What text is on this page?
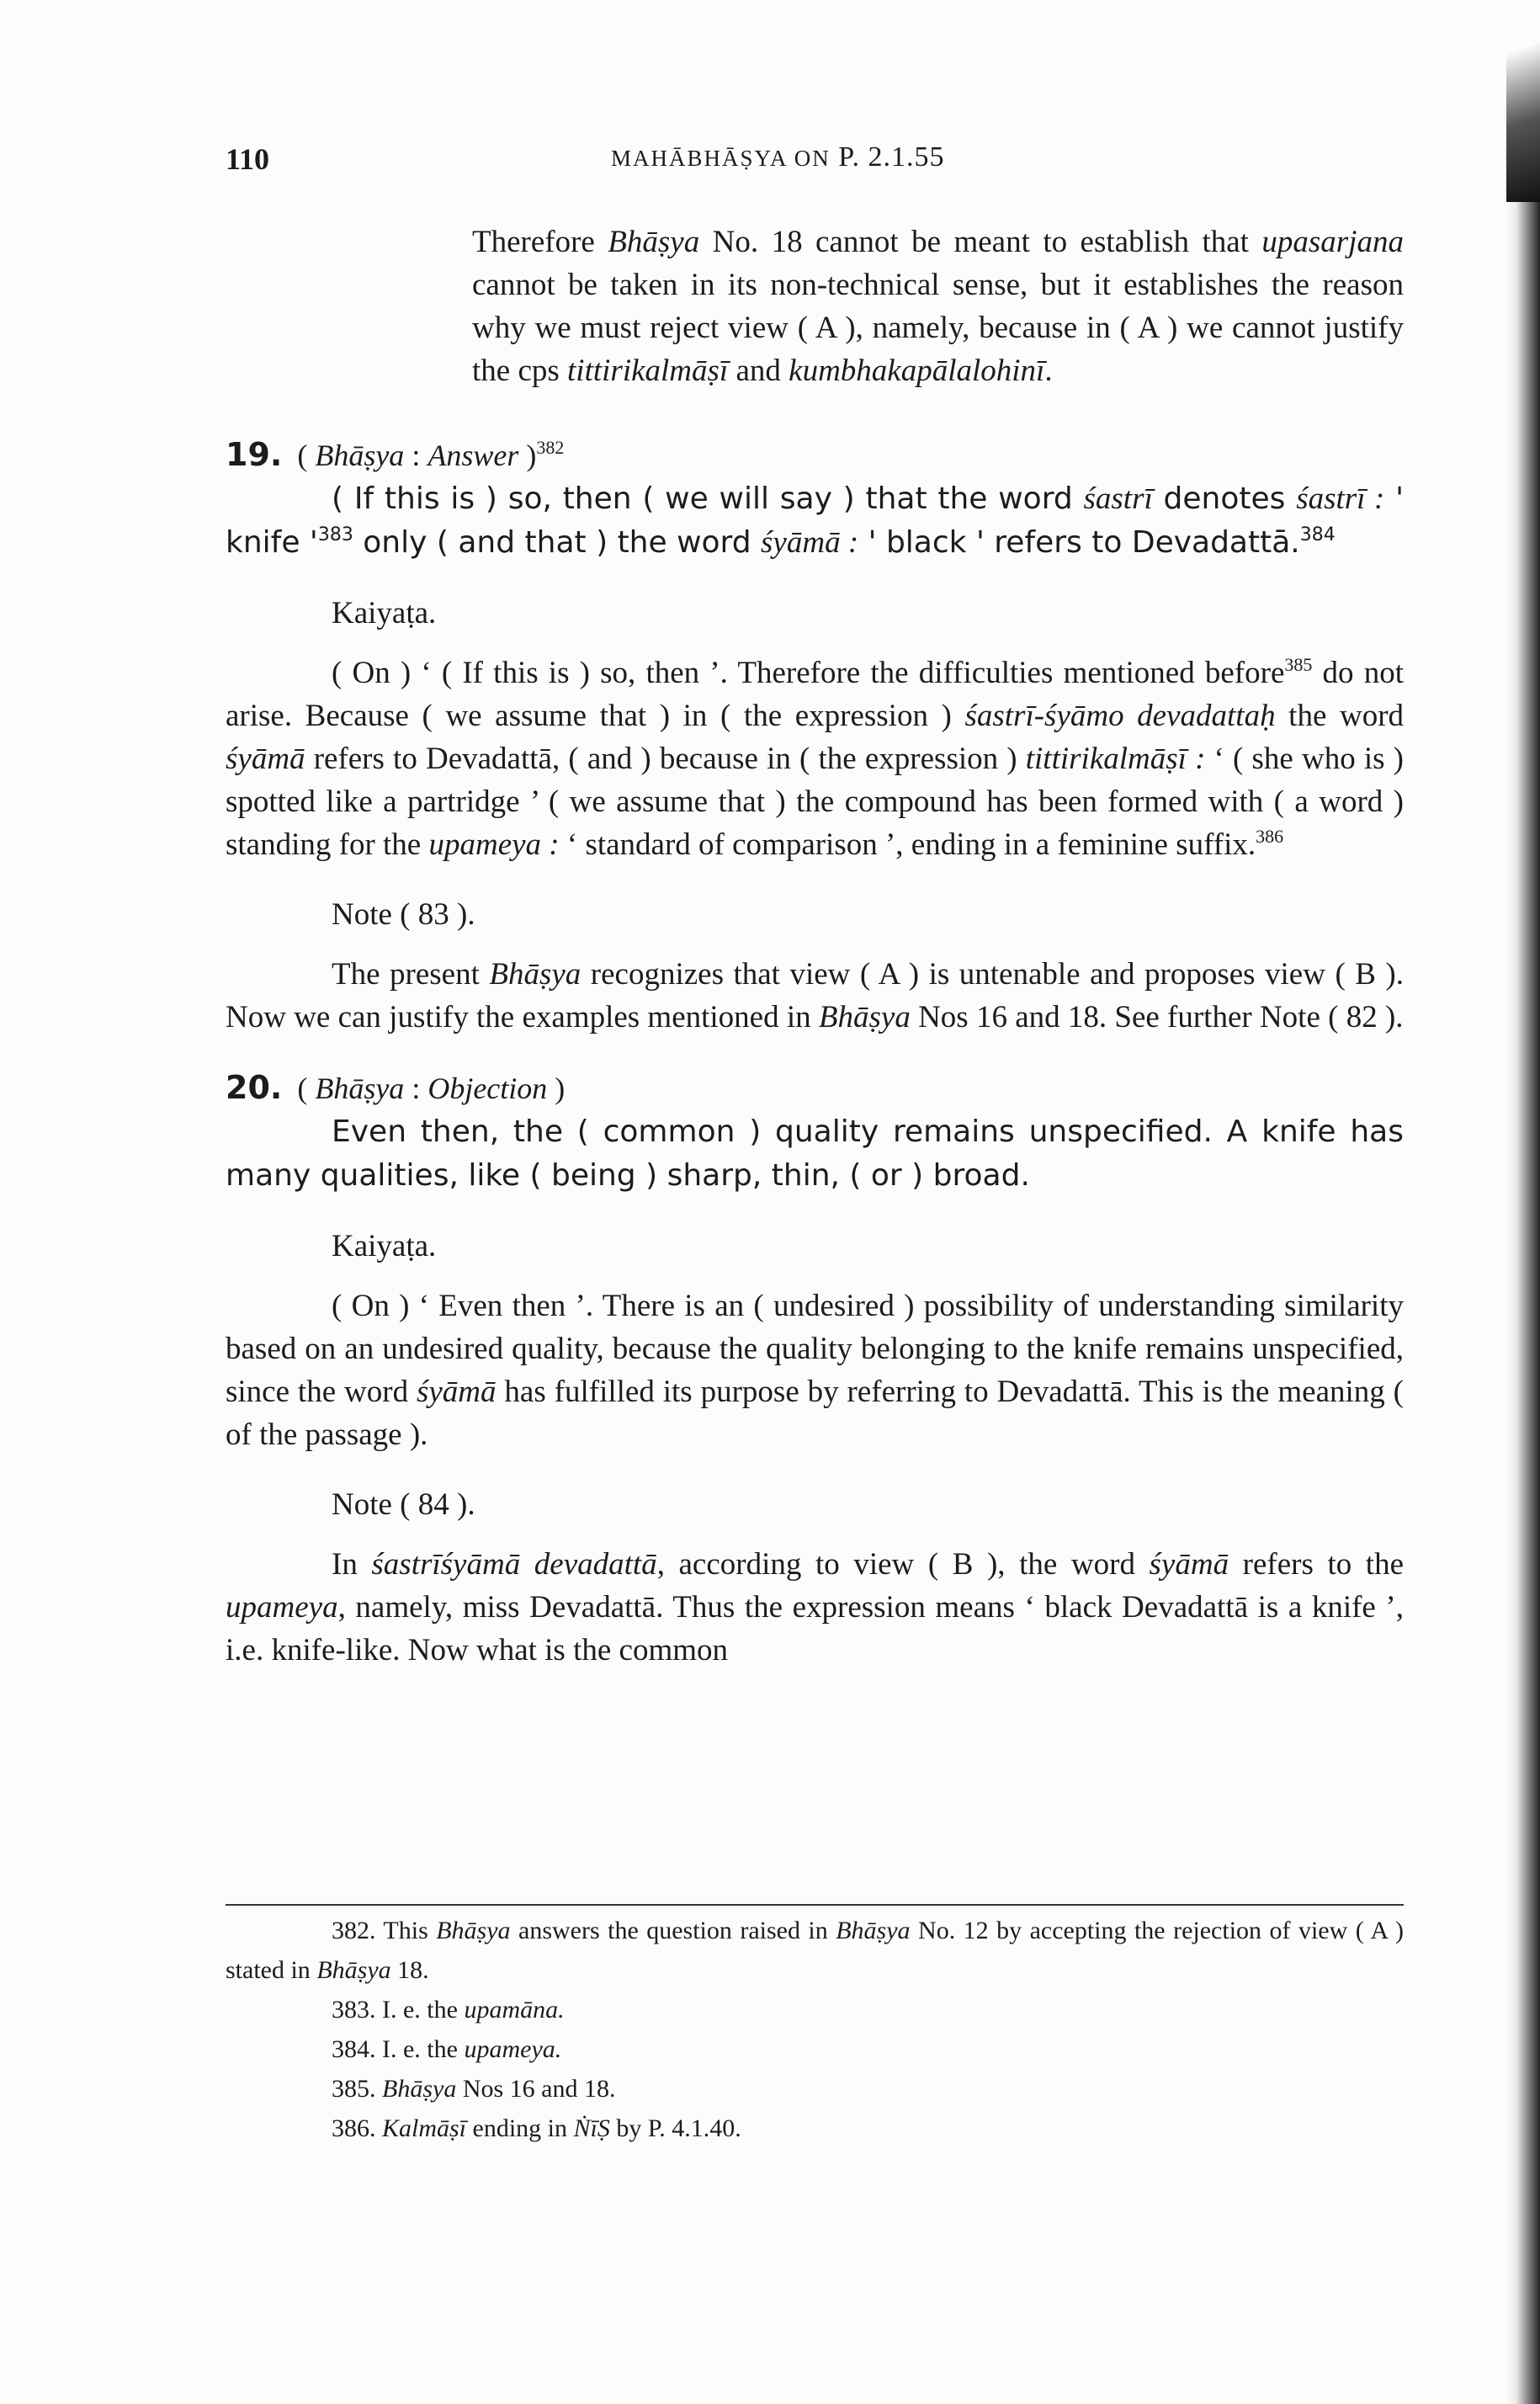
110	MAHĀBHĀṢYA ON P. 2.1.55

Therefore Bhāṣya No. 18 cannot be meant to establish that upasarjana cannot be taken in its non-technical sense, but it establishes the reason why we must reject view ( A ), namely, because in ( A ) we cannot justify the cps tittirikalmāṣī and kumbhakapālalohinī.

19. ( Bhāṣya : Answer )$^{382}$

( If this is ) so, then ( we will say ) that the word śastrī denotes śastrī : ' knife '$^{383}$ only ( and that ) the word śyāmā : ' black ' refers to Devadattā.$^{384}$

Kaiyaṭa.

( On ) ‘ ( If this is ) so, then ’. Therefore the difficulties mentioned before$^{385}$ do not arise. Because ( we assume that ) in ( the expression ) śastrī-śyāmo devadattaḥ the word śyāmā refers to Devadattā, ( and ) because in ( the expression ) tittirikalmāṣī : ‘ ( she who is ) spotted like a partridge ’ ( we assume that ) the compound has been formed with ( a word ) standing for the upameya : ‘ standard of comparison ’, ending in a feminine suffix.$^{386}$

Note ( 83 ).

The present Bhāṣya recognizes that view ( A ) is untenable and proposes view ( B ). Now we can justify the examples mentioned in Bhāṣya Nos 16 and 18. See further Note ( 82 ).

20.  ( Bhāṣya : Objection )

Even then, the ( common ) quality remains unspecified. A knife has many qualities, like ( being ) sharp, thin, ( or ) broad.

Kaiyaṭa.

( On ) ‘ Even then ’. There is an ( undesired ) possibility of understanding similarity based on an undesired quality, because the quality belonging to the knife remains unspecified, since the word śyāmā has fulfilled its purpose by referring to Devadattā. This is the meaning ( of the passage ).

Note ( 84 ).

In śastrīśyāmā devadattā, according to view ( B ), the word śyāmā refers to the upameya, namely, miss Devadattā. Thus the expression means ‘ black Devadattā is a knife ’, i.e. knife-like. Now what is the common

382. This Bhāṣya answers the question raised in Bhāṣya No. 12 by accepting the rejection of view ( A ) stated in Bhāṣya 18.

383. I. e. the upamāna.

384. I. e. the upameya.

385. Bhāṣya Nos 16 and 18.

386. Kalmāṣī ending in ṄīṢ by P. 4.1.40.
